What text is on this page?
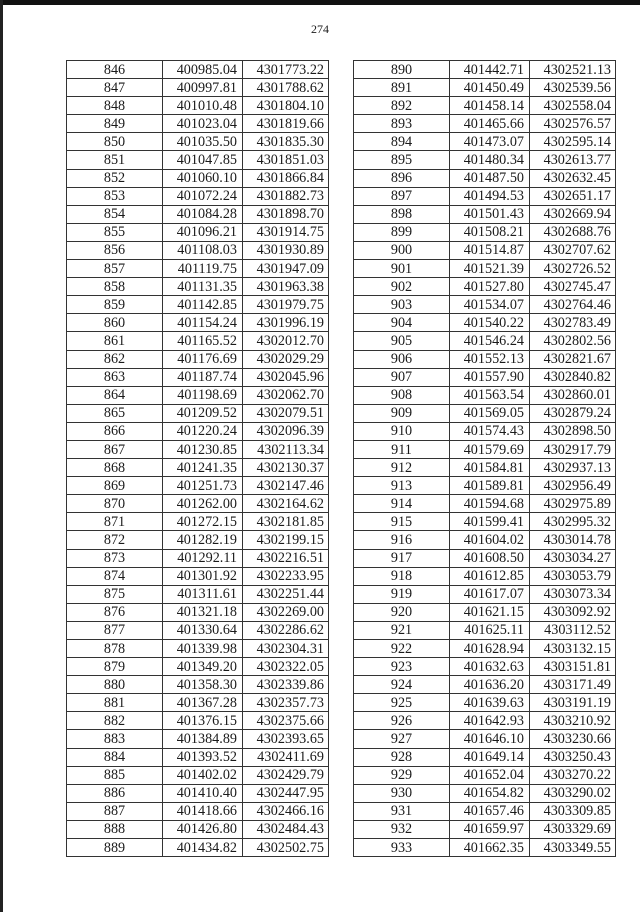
274
846	400985.04	4301773.22
847	400997.81	4301788.62
848	401010.48	4301804.10
849	401023.04	4301819.66
850	401035.50	4301835.30
851	401047.85	4301851.03
852	401060.10	4301866.84
853	401072.24	4301882.73
854	401084.28	4301898.70
855	401096.21	4301914.75
856	401108.03	4301930.89
857	401119.75	4301947.09
858	401131.35	4301963.38
859	401142.85	4301979.75
860	401154.24	4301996.19
861	401165.52	4302012.70
862	401176.69	4302029.29
863	401187.74	4302045.96
864	401198.69	4302062.70
865	401209.52	4302079.51
866	401220.24	4302096.39
867	401230.85	4302113.34
868	401241.35	4302130.37
869	401251.73	4302147.46
870	401262.00	4302164.62
871	401272.15	4302181.85
872	401282.19	4302199.15
873	401292.11	4302216.51
874	401301.92	4302233.95
875	401311.61	4302251.44
876	401321.18	4302269.00
877	401330.64	4302286.62
878	401339.98	4302304.31
879	401349.20	4302322.05
880	401358.30	4302339.86
881	401367.28	4302357.73
882	401376.15	4302375.66
883	401384.89	4302393.65
884	401393.52	4302411.69
885	401402.02	4302429.79
886	401410.40	4302447.95
887	401418.66	4302466.16
888	401426.80	4302484.43
889	401434.82	4302502.75
890	401442.71	4302521.13
891	401450.49	4302539.56
892	401458.14	4302558.04
893	401465.66	4302576.57
894	401473.07	4302595.14
895	401480.34	4302613.77
896	401487.50	4302632.45
897	401494.53	4302651.17
898	401501.43	4302669.94
899	401508.21	4302688.76
900	401514.87	4302707.62
901	401521.39	4302726.52
902	401527.80	4302745.47
903	401534.07	4302764.46
904	401540.22	4302783.49
905	401546.24	4302802.56
906	401552.13	4302821.67
907	401557.90	4302840.82
908	401563.54	4302860.01
909	401569.05	4302879.24
910	401574.43	4302898.50
911	401579.69	4302917.79
912	401584.81	4302937.13
913	401589.81	4302956.49
914	401594.68	4302975.89
915	401599.41	4302995.32
916	401604.02	4303014.78
917	401608.50	4303034.27
918	401612.85	4303053.79
919	401617.07	4303073.34
920	401621.15	4303092.92
921	401625.11	4303112.52
922	401628.94	4303132.15
923	401632.63	4303151.81
924	401636.20	4303171.49
925	401639.63	4303191.19
926	401642.93	4303210.92
927	401646.10	4303230.66
928	401649.14	4303250.43
929	401652.04	4303270.22
930	401654.82	4303290.02
931	401657.46	4303309.85
932	401659.97	4303329.69
933	401662.35	4303349.55
